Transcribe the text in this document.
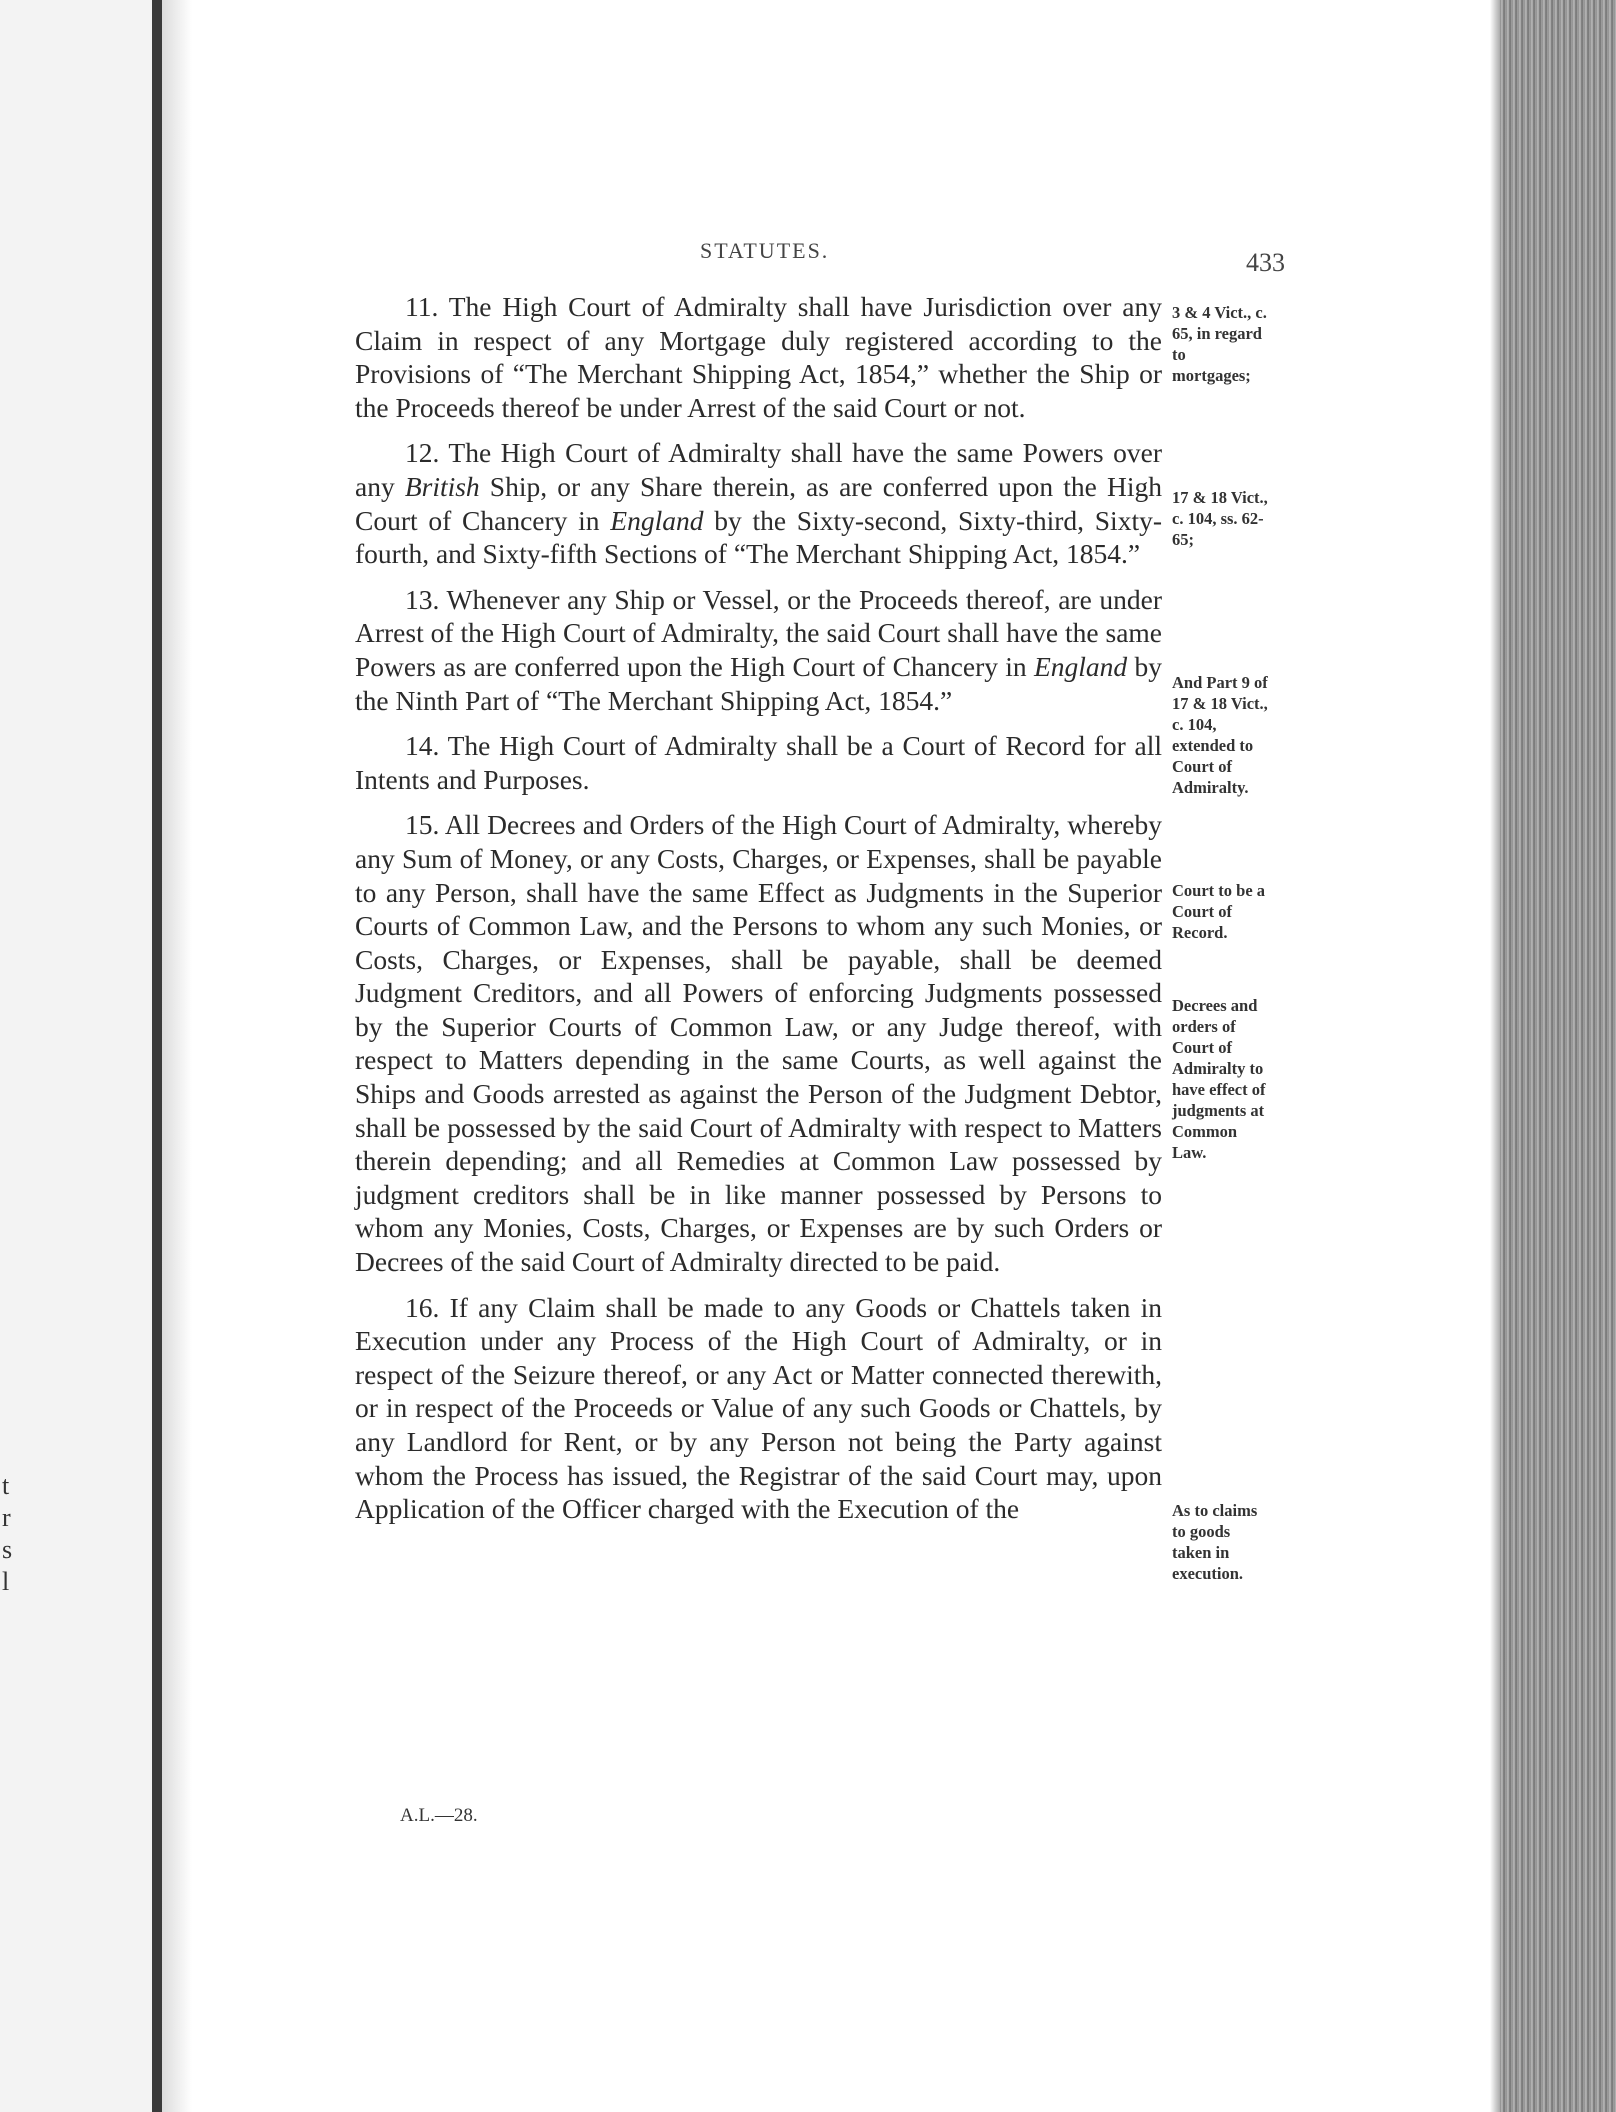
t
r
s
l
STATUTES.	433

11. The High Court of Admiralty shall have Jurisdiction over any Claim in respect of any Mortgage duly registered according to the Provisions of “The Merchant Shipping Act, 1854,” whether the Ship or the Proceeds thereof be under Arrest of the said Court or not.

12. The High Court of Admiralty shall have the same Powers over any British Ship, or any Share therein, as are conferred upon the High Court of Chancery in England by the Sixty-second, Sixty-third, Sixty-fourth, and Sixty-fifth Sections of “The Merchant Shipping Act, 1854.”

13. Whenever any Ship or Vessel, or the Proceeds thereof, are under Arrest of the High Court of Admiralty, the said Court shall have the same Powers as are conferred upon the High Court of Chancery in England by the Ninth Part of “The Merchant Shipping Act, 1854.”

14. The High Court of Admiralty shall be a Court of Record for all Intents and Purposes.

15. All Decrees and Orders of the High Court of Admiralty, whereby any Sum of Money, or any Costs, Charges, or Expenses, shall be payable to any Person, shall have the same Effect as Judgments in the Superior Courts of Common Law, and the Persons to whom any such Monies, or Costs, Charges, or Expenses, shall be payable, shall be deemed Judgment Creditors, and all Powers of enforcing Judgments possessed by the Superior Courts of Common Law, or any Judge thereof, with respect to Matters depending in the same Courts, as well against the Ships and Goods arrested as against the Person of the Judgment Debtor, shall be possessed by the said Court of Admiralty with respect to Matters therein depending; and all Remedies at Common Law possessed by judgment creditors shall be in like manner possessed by Persons to whom any Monies, Costs, Charges, or Expenses are by such Orders or Decrees of the said Court of Admiralty directed to be paid.

16. If any Claim shall be made to any Goods or Chattels taken in Execution under any Process of the High Court of Admiralty, or in respect of the Seizure thereof, or any Act or Matter connected therewith, or in respect of the Proceeds or Value of any such Goods or Chattels, by any Landlord for Rent, or by any Person not being the Party against whom the Process has issued, the Registrar of the said Court may, upon Application of the Officer charged with the Execution of the

3 & 4 Vict., c. 65, in regard to mortgages;
17 & 18 Vict., c. 104, ss. 62-65;
And Part 9 of 17 & 18 Vict., c. 104, extended to Court of Admiralty.
Court to be a Court of Record.
Decrees and orders of Court of Admiralty to have effect of judgments at Common Law.
As to claims to goods taken in execution.
A.L.—28.
